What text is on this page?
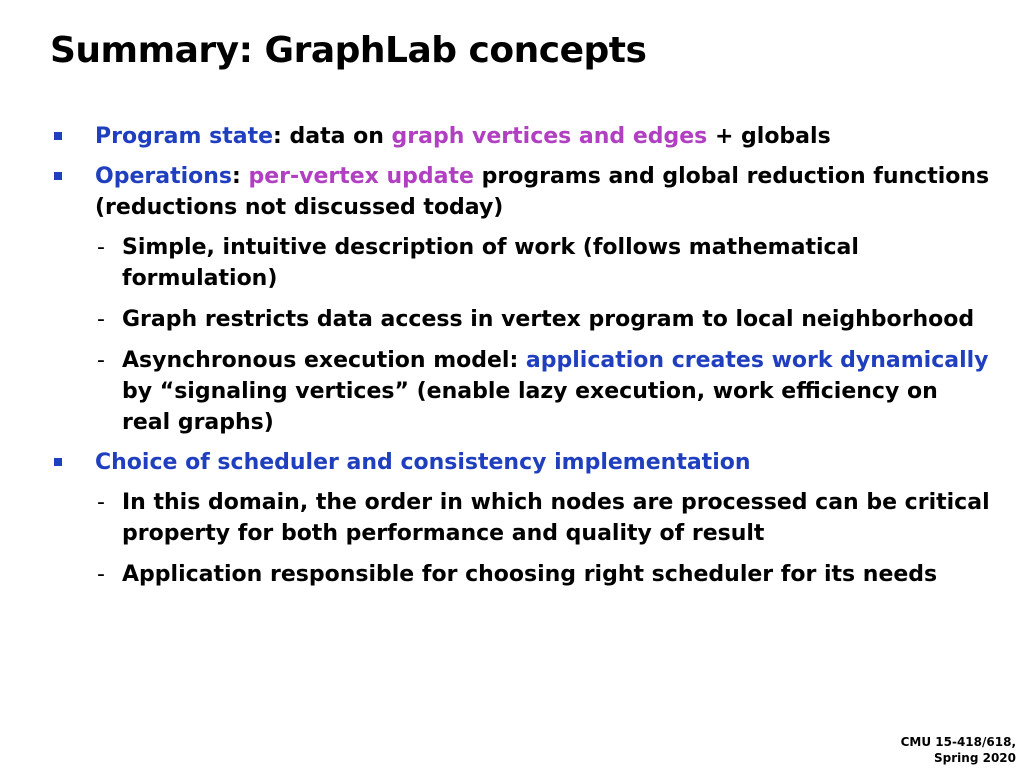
Summary: GraphLab concepts
Program state: data on graph vertices and edges + globals
Operations: per-vertex update programs and global reduction functions (reductions not discussed today)
- Simple, intuitive description of work (follows mathematical formulation)
- Graph restricts data access in vertex program to local neighborhood
- Asynchronous execution model: application creates work dynamically by “signaling vertices” (enable lazy execution, work efficiency on real graphs)
Choice of scheduler and consistency implementation
- In this domain, the order in which nodes are processed can be critical property for both performance and quality of result
- Application responsible for choosing right scheduler for its needs
CMU 15-418/618,
Spring 2020
